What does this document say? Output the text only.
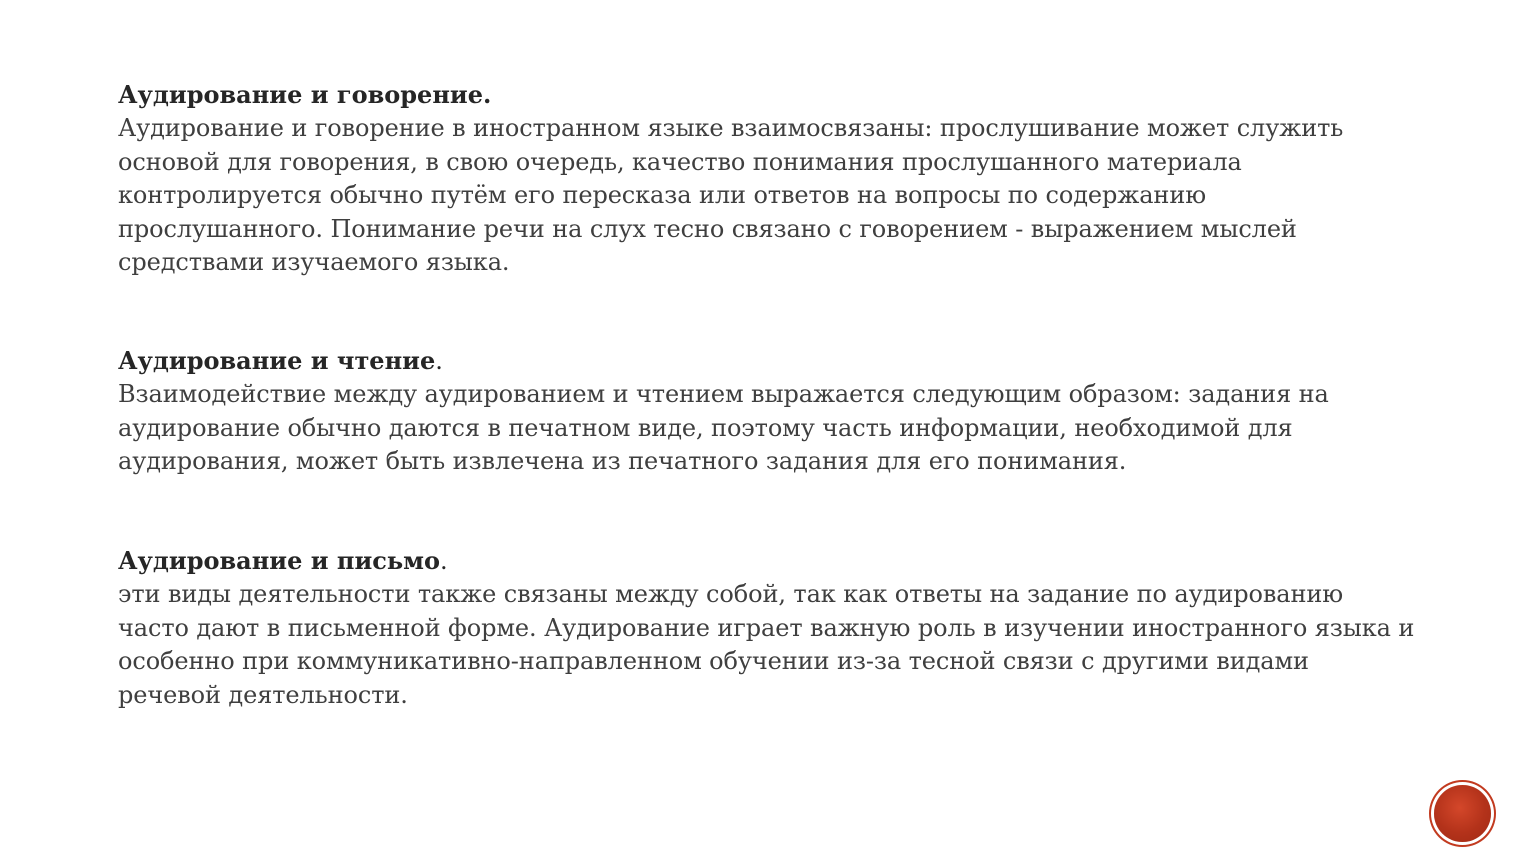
Аудирование и говорение.

Аудирование и говорение в иностранном языке взаимосвязаны: прослушивание может служить основой для говорения, в свою очередь, качество понимания прослушанного материала контролируется обычно путём его пересказа или ответов на вопросы по содержанию прослушанного. Понимание речи на слух тесно связано с говорением - выражением мыслей средствами изучаемого языка.

Аудирование и чтение.

Взаимодействие между аудированием и чтением выражается следующим образом: задания на аудирование обычно даются в печатном виде, поэтому часть информации, необходимой для аудирования, может быть извлечена из печатного задания для его понимания.

Аудирование и письмо.

эти виды деятельности также связаны между собой, так как ответы на задание по аудированию часто дают в письменной форме. Аудирование играет важную роль в изучении иностранного языка и особенно при коммуникативно-направленном обучении из-за тесной связи с другими видами речевой деятельности.
